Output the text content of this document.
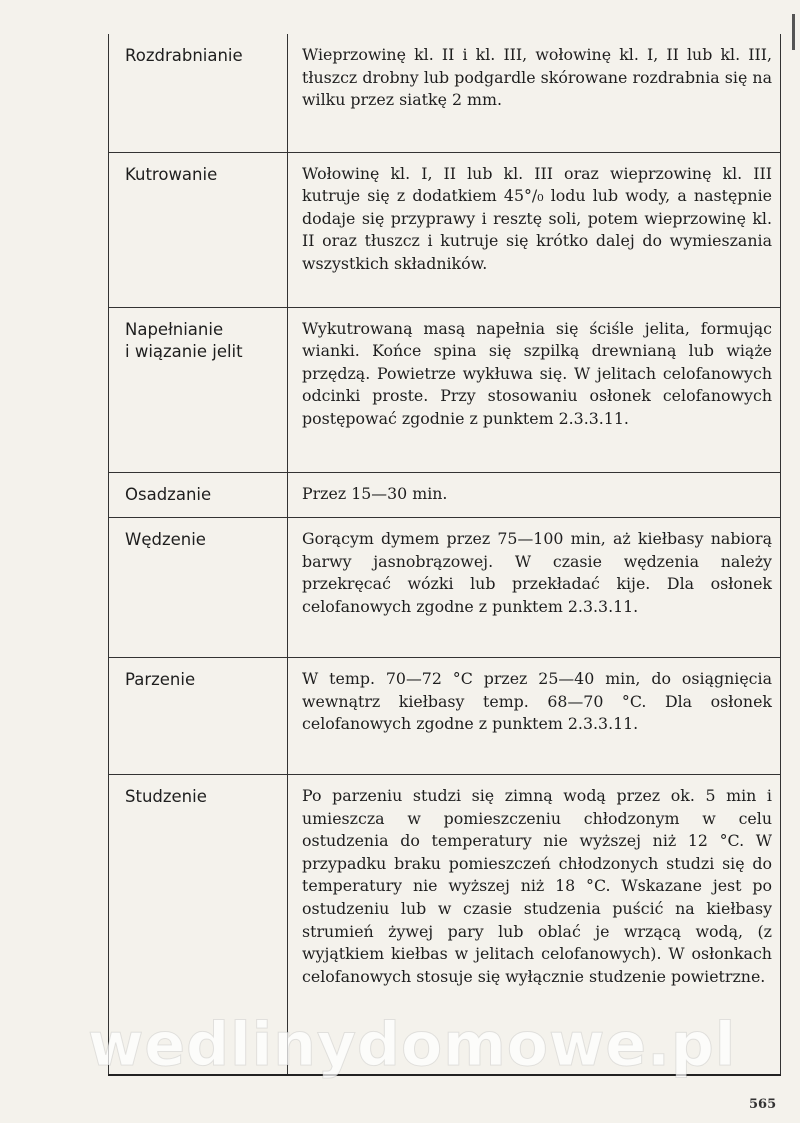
Rozdrabnianie	Wieprzowinę kl. II i kl. III, wołowinę kl. I, II lub kl. III, tłuszcz drobny lub podgardle skórowane rozdrabnia się na wilku przez siatkę 2 mm.

Kutrowanie	Wołowinę kl. I, II lub kl. III oraz wieprzowinę kl. III kutruje się z dodatkiem 45°/₀ lodu lub wody, a następnie dodaje się przyprawy i resztę soli, potem wieprzowinę kl. II oraz tłuszcz i kutruje się krótko dalej do wymieszania wszystkich składników.

Napełnianie
i wiązanie jelit	Wykutrowaną masą napełnia się ściśle jelita, formując wianki. Końce spina się szpilką drewnianą lub wiąże przędzą. Powietrze wykłuwa się. W jelitach celofanowych odcinki proste. Przy stosowaniu osłonek celofanowych postępować zgodnie z punktem 2.3.3.11.

Osadzanie	Przez 15—30 min.

Wędzenie	Gorącym dymem przez 75—100 min, aż kiełbasy nabiorą barwy jasnobrązowej. W czasie wędzenia należy przekręcać wózki lub przekładać kije. Dla osłonek celofanowych zgodne z punktem 2.3.3.11.

Parzenie	W temp. 70—72 °C przez 25—40 min, do osiągnięcia wewnątrz kiełbasy temp. 68—70 °C. Dla osłonek celofanowych zgodne z punktem 2.3.3.11.

Studzenie	Po parzeniu studzi się zimną wodą przez ok. 5 min i umieszcza w pomieszczeniu chłodzonym w celu ostudzenia do temperatury nie wyższej niż 12 °C. W przypadku braku pomieszczeń chłodzonych studzi się do temperatury nie wyższej niż 18 °C. Wskazane jest po ostudzeniu lub w czasie studzenia puścić na kiełbasy strumień żywej pary lub oblać je wrzącą wodą, (z wyjątkiem kiełbas w jelitach celofanowych). W osłonkach celofanowych stosuje się wyłącznie studzenie powietrzne.
wedlinydomowe.pl
565
